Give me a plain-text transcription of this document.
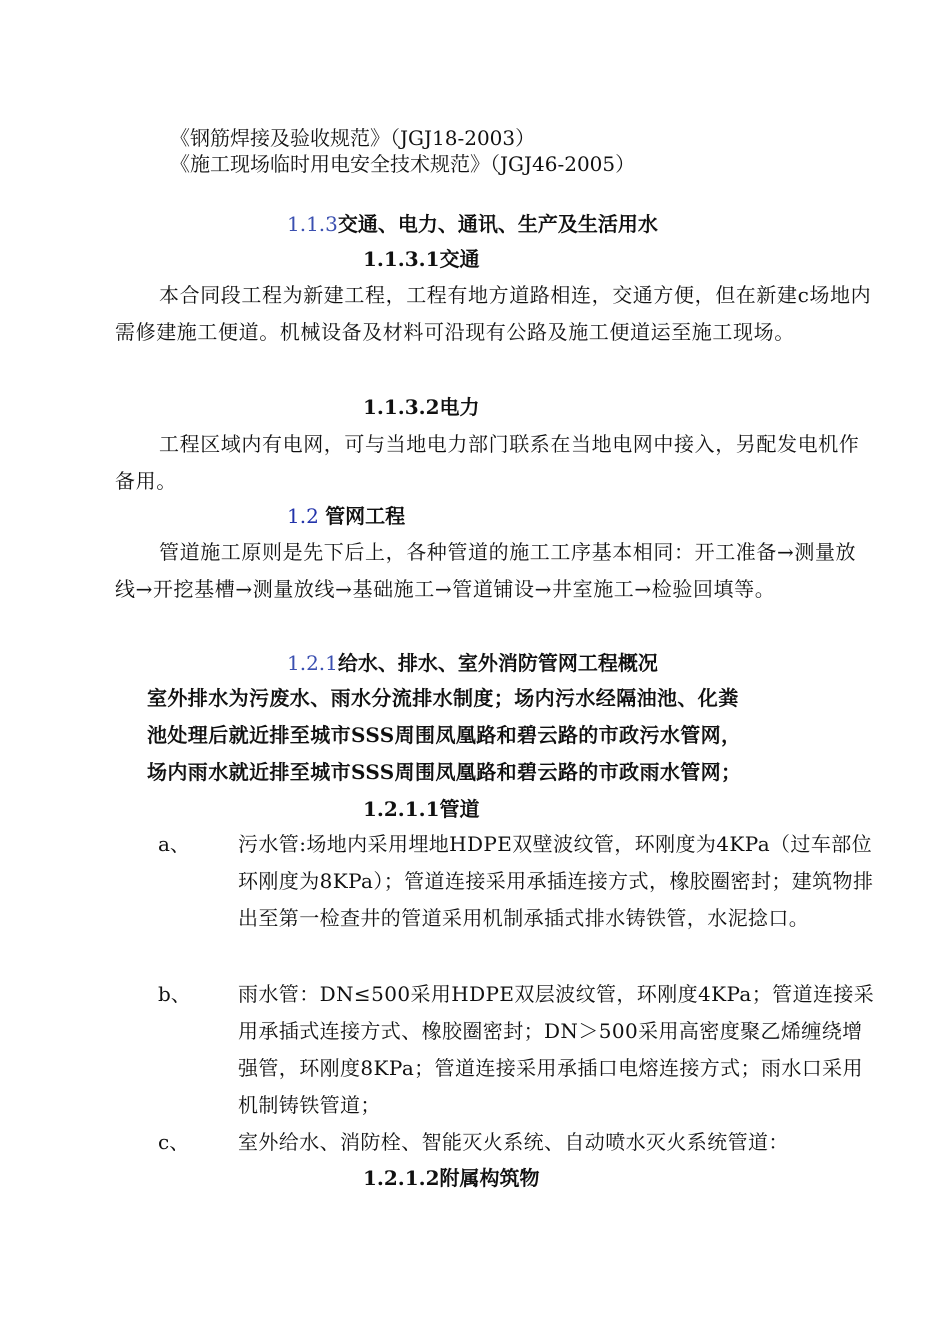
《钢筋焊接及验收规范》（JGJ18-2003）
《施工现场临时用电安全技术规范》（JGJ46-2005）
1.1.3交通、电力、通讯、生产及生活用水
1.1.3.1交通
本合同段工程为新建工程，工程有地方道路相连，交通方便，但在新建c场地内需修建施工便道。机械设备及材料可沿现有公路及施工便道运至施工现场。
1.1.3.2电力
工程区域内有电网，可与当地电力部门联系在当地电网中接入，另配发电机作备用。
1.2 管网工程
管道施工原则是先下后上，各种管道的施工工序基本相同：开工准备→测量放线→开挖基槽→测量放线→基础施工→管道铺设→井室施工→检验回填等。
1.2.1给水、排水、室外消防管网工程概况
室外排水为污废水、雨水分流排水制度；场内污水经隔油池、化粪
池处理后就近排至城市SSS周围凤凰路和碧云路的市政污水管网，
场内雨水就近排至城市SSS周围凤凰路和碧云路的市政雨水管网；
1.2.1.1管道
a、 污水管:场地内采用埋地HDPE双壁波纹管，环刚度为4KPa（过车部位环刚度为8KPa）；管道连接采用承插连接方式，橡胶圈密封；建筑物排出至第一检查井的管道采用机制承插式排水铸铁管，水泥捻口。
b、 雨水管：DN≤500采用HDPE双层波纹管，环刚度4KPa；管道连接采用承插式连接方式、橡胶圈密封；DN＞500采用高密度聚乙烯缠绕增强管，环刚度8KPa；管道连接采用承插口电熔连接方式；雨水口采用机制铸铁管道；
c、 室外给水、消防栓、智能灭火系统、自动喷水灭火系统管道：
1.2.1.2附属构筑物
